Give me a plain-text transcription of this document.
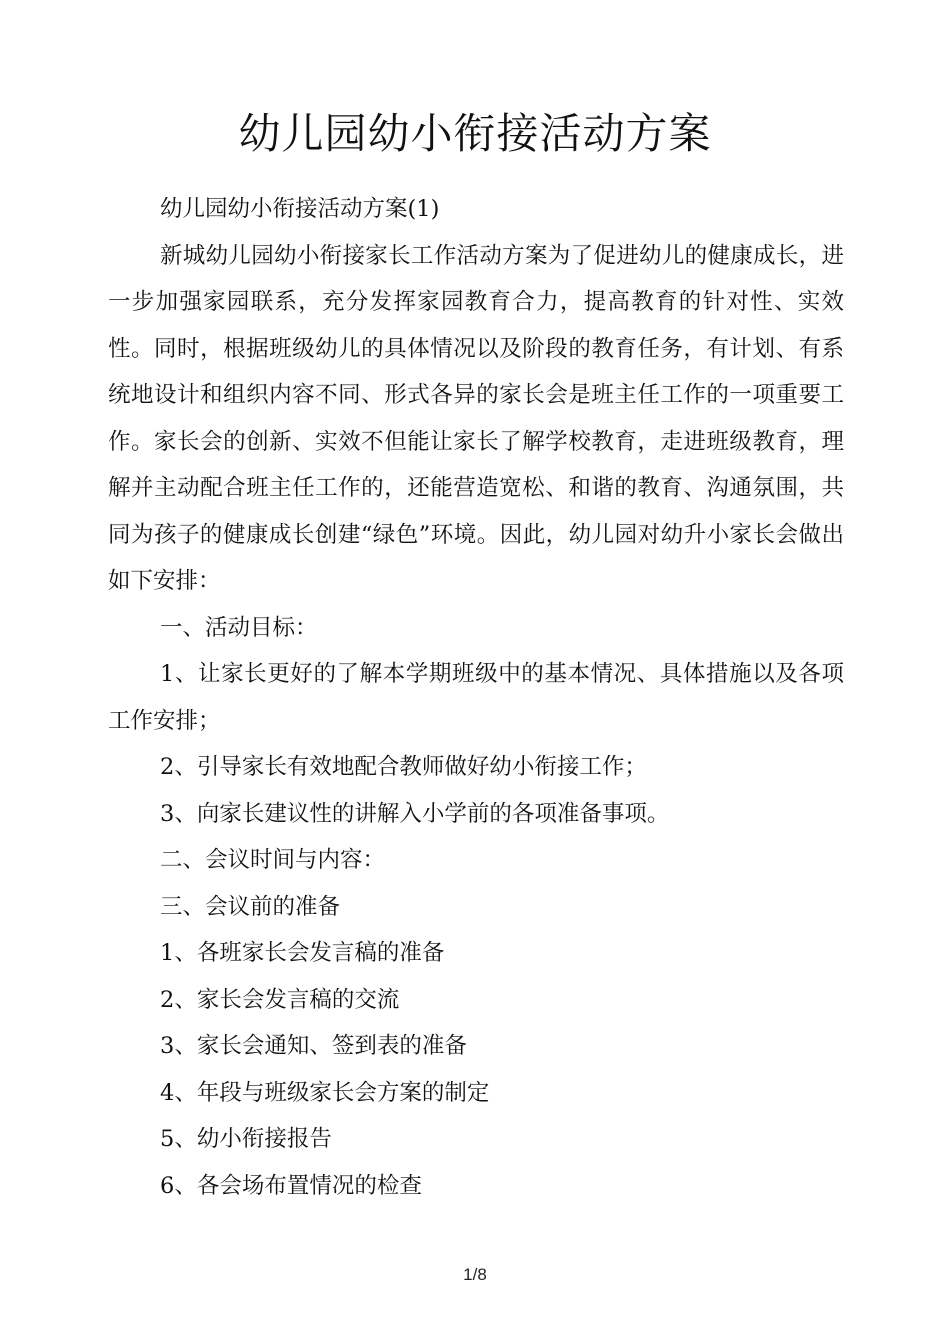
幼儿园幼小衔接活动方案

幼儿园幼小衔接活动方案(1)

新城幼儿园幼小衔接家长工作活动方案为了促进幼儿的健康成长，进一步加强家园联系，充分发挥家园教育合力，提高教育的针对性、实效性。同时，根据班级幼儿的具体情况以及阶段的教育任务，有计划、有系统地设计和组织内容不同、形式各异的家长会是班主任工作的一项重要工作。家长会的创新、实效不但能让家长了解学校教育，走进班级教育，理解并主动配合班主任工作的，还能营造宽松、和谐的教育、沟通氛围，共同为孩子的健康成长创建“绿色”环境。因此，幼儿园对幼升小家长会做出如下安排：

一、活动目标：

1、让家长更好的了解本学期班级中的基本情况、具体措施以及各项工作安排；

2、引导家长有效地配合教师做好幼小衔接工作；

3、向家长建议性的讲解入小学前的各项准备事项。

二、会议时间与内容：

三、会议前的准备

1、各班家长会发言稿的准备

2、家长会发言稿的交流

3、家长会通知、签到表的准备

4、年段与班级家长会方案的制定

5、幼小衔接报告

6、各会场布置情况的检查

1/8
